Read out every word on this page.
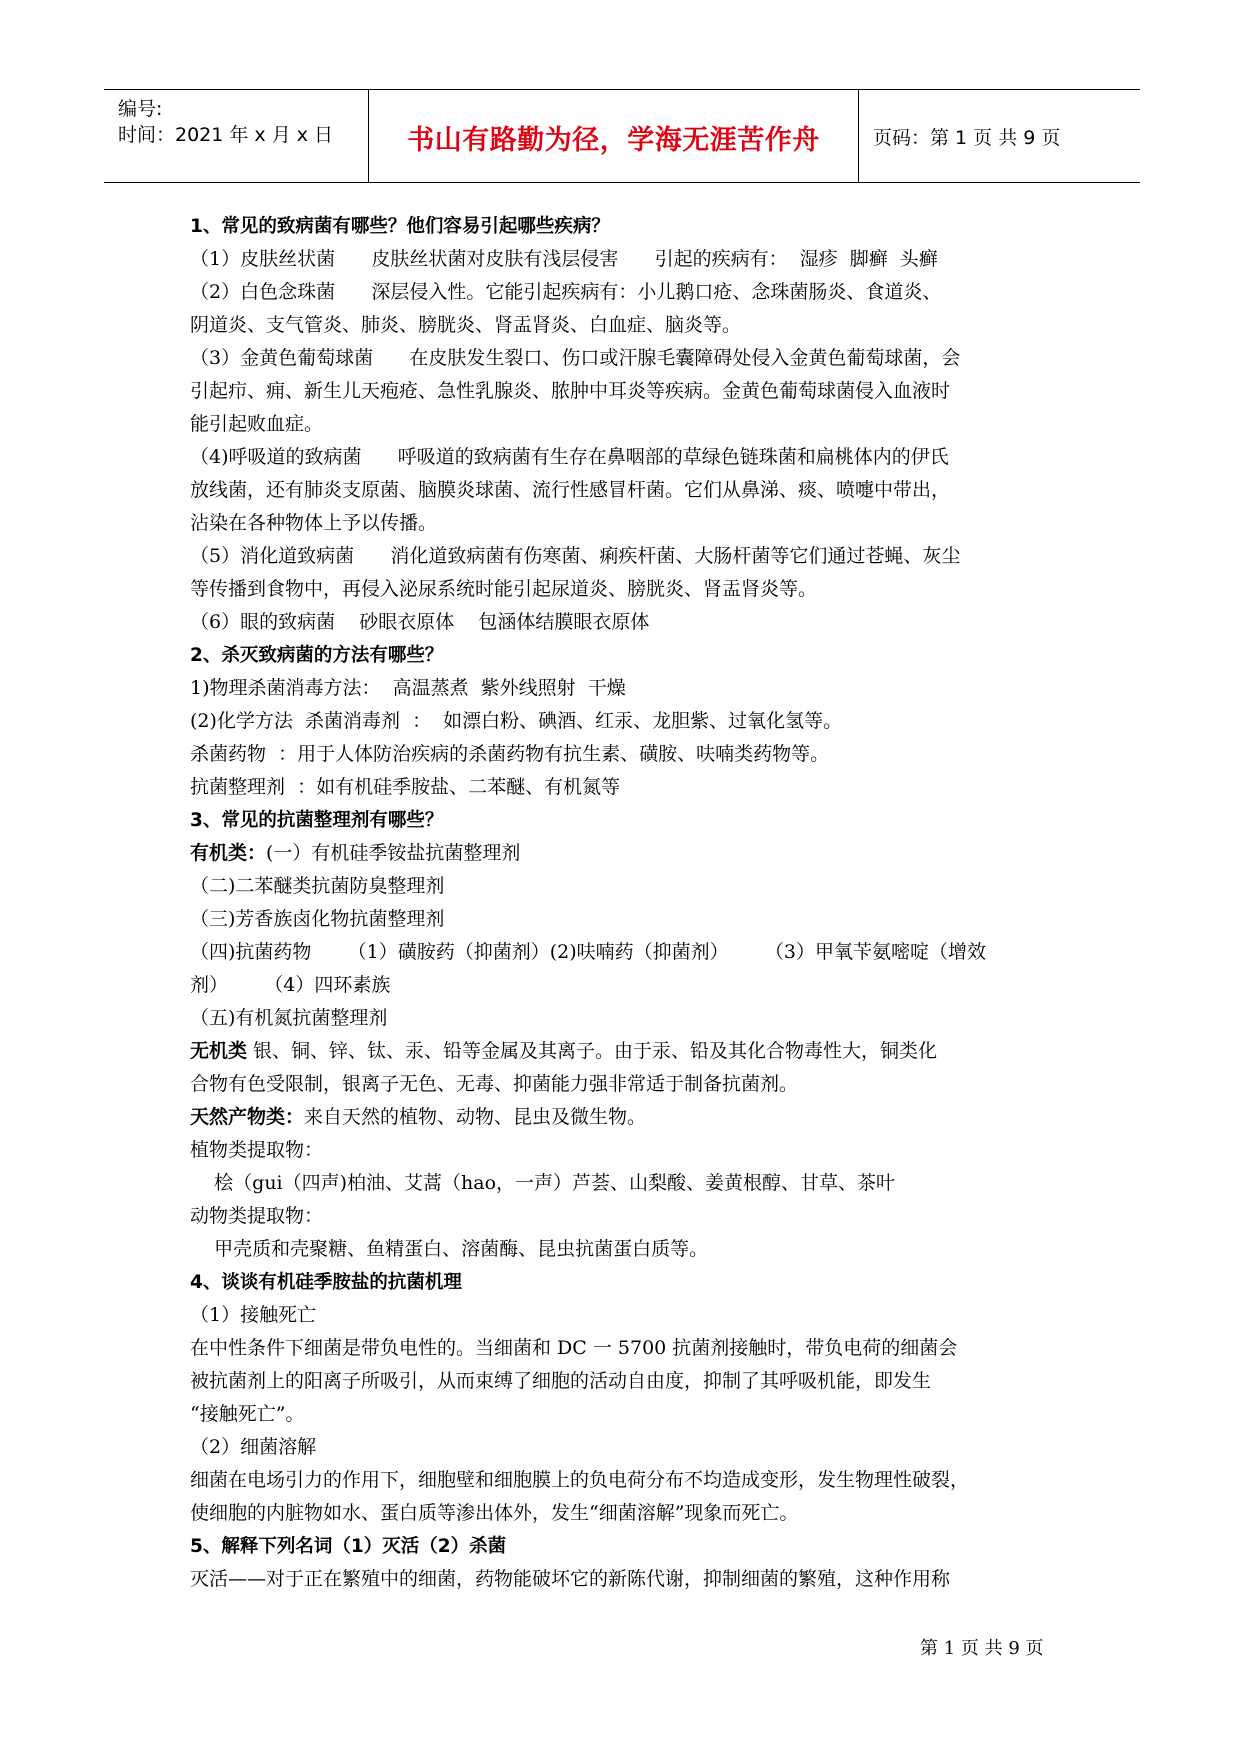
编号:
时间：2021 年 x 月 x 日	书山有路勤为径，学海无涯苦作舟	页码：第 1 页 共 9 页
1、常见的致病菌有哪些？他们容易引起哪些疾病？
（1）皮肤丝状菌      皮肤丝状菌对皮肤有浅层侵害      引起的疾病有：  湿疹  脚癣  头癣
（2）白色念珠菌      深层侵入性。它能引起疾病有：小儿鹅口疮、念珠菌肠炎、食道炎、
阴道炎、支气管炎、肺炎、膀胱炎、肾盂肾炎、白血症、脑炎等。
（3）金黄色葡萄球菌      在皮肤发生裂口、伤口或汗腺毛囊障碍处侵入金黄色葡萄球菌，会
引起疖、痈、新生儿天疱疮、急性乳腺炎、脓肿中耳炎等疾病。金黄色葡萄球菌侵入血液时
能引起败血症。
（4)呼吸道的致病菌      呼吸道的致病菌有生存在鼻咽部的草绿色链珠菌和扁桃体内的伊氏
放线菌，还有肺炎支原菌、脑膜炎球菌、流行性感冒杆菌。它们从鼻涕、痰、喷嚏中带出，
沾染在各种物体上予以传播。
（5）消化道致病菌      消化道致病菌有伤寒菌、痢疾杆菌、大肠杆菌等它们通过苍蝇、灰尘
等传播到食物中，再侵入泌尿系统时能引起尿道炎、膀胱炎、肾盂肾炎等。
（6）眼的致病菌    砂眼衣原体    包涵体结膜眼衣原体
2、杀灭致病菌的方法有哪些？
1)物理杀菌消毒方法：  高温蒸煮  紫外线照射  干燥
(2)化学方法  杀菌消毒剂  ：  如漂白粉、碘酒、红汞、龙胆紫、过氧化氢等。
杀菌药物  ：用于人体防治疾病的杀菌药物有抗生素、磺胺、呋喃类药物等。
抗菌整理剂  ：如有机硅季胺盐、二苯醚、有机氮等
3、常见的抗菌整理剂有哪些？
有机类：(一）有机硅季铵盐抗菌整理剂
（二)二苯醚类抗菌防臭整理剂
（三)芳香族卤化物抗菌整理剂
（四)抗菌药物      （1）磺胺药（抑菌剂）(2)呋喃药（抑菌剂）      （3）甲氧苄氨嘧啶（增效
剂）      （4）四环素族
（五)有机氮抗菌整理剂
无机类 银、铜、锌、钛、汞、铅等金属及其离子。由于汞、铅及其化合物毒性大，铜类化
合物有色受限制，银离子无色、无毒、抑菌能力强非常适于制备抗菌剂。
天然产物类：来自天然的植物、动物、昆虫及微生物。
植物类提取物：
桧（gui（四声)柏油、艾蒿（hao，一声）芦荟、山梨酸、姜黄根醇、甘草、茶叶
动物类提取物：
甲壳质和壳聚糖、鱼精蛋白、溶菌酶、昆虫抗菌蛋白质等。
4、谈谈有机硅季胺盐的抗菌机理
（1）接触死亡
在中性条件下细菌是带负电性的。当细菌和 DC 一 5700 抗菌剂接触时，带负电荷的细菌会
被抗菌剂上的阳离子所吸引，从而束缚了细胞的活动自由度，抑制了其呼吸机能，即发生
“接触死亡”。
（2）细菌溶解
细菌在电场引力的作用下，细胞壁和细胞膜上的负电荷分布不均造成变形，发生物理性破裂，
使细胞的内脏物如水、蛋白质等渗出体外，发生“细菌溶解”现象而死亡。
5、解释下列名词（1）灭活（2）杀菌
灭活——对于正在繁殖中的细菌，药物能破坏它的新陈代谢，抑制细菌的繁殖，这种作用称
第 1 页 共 9 页
